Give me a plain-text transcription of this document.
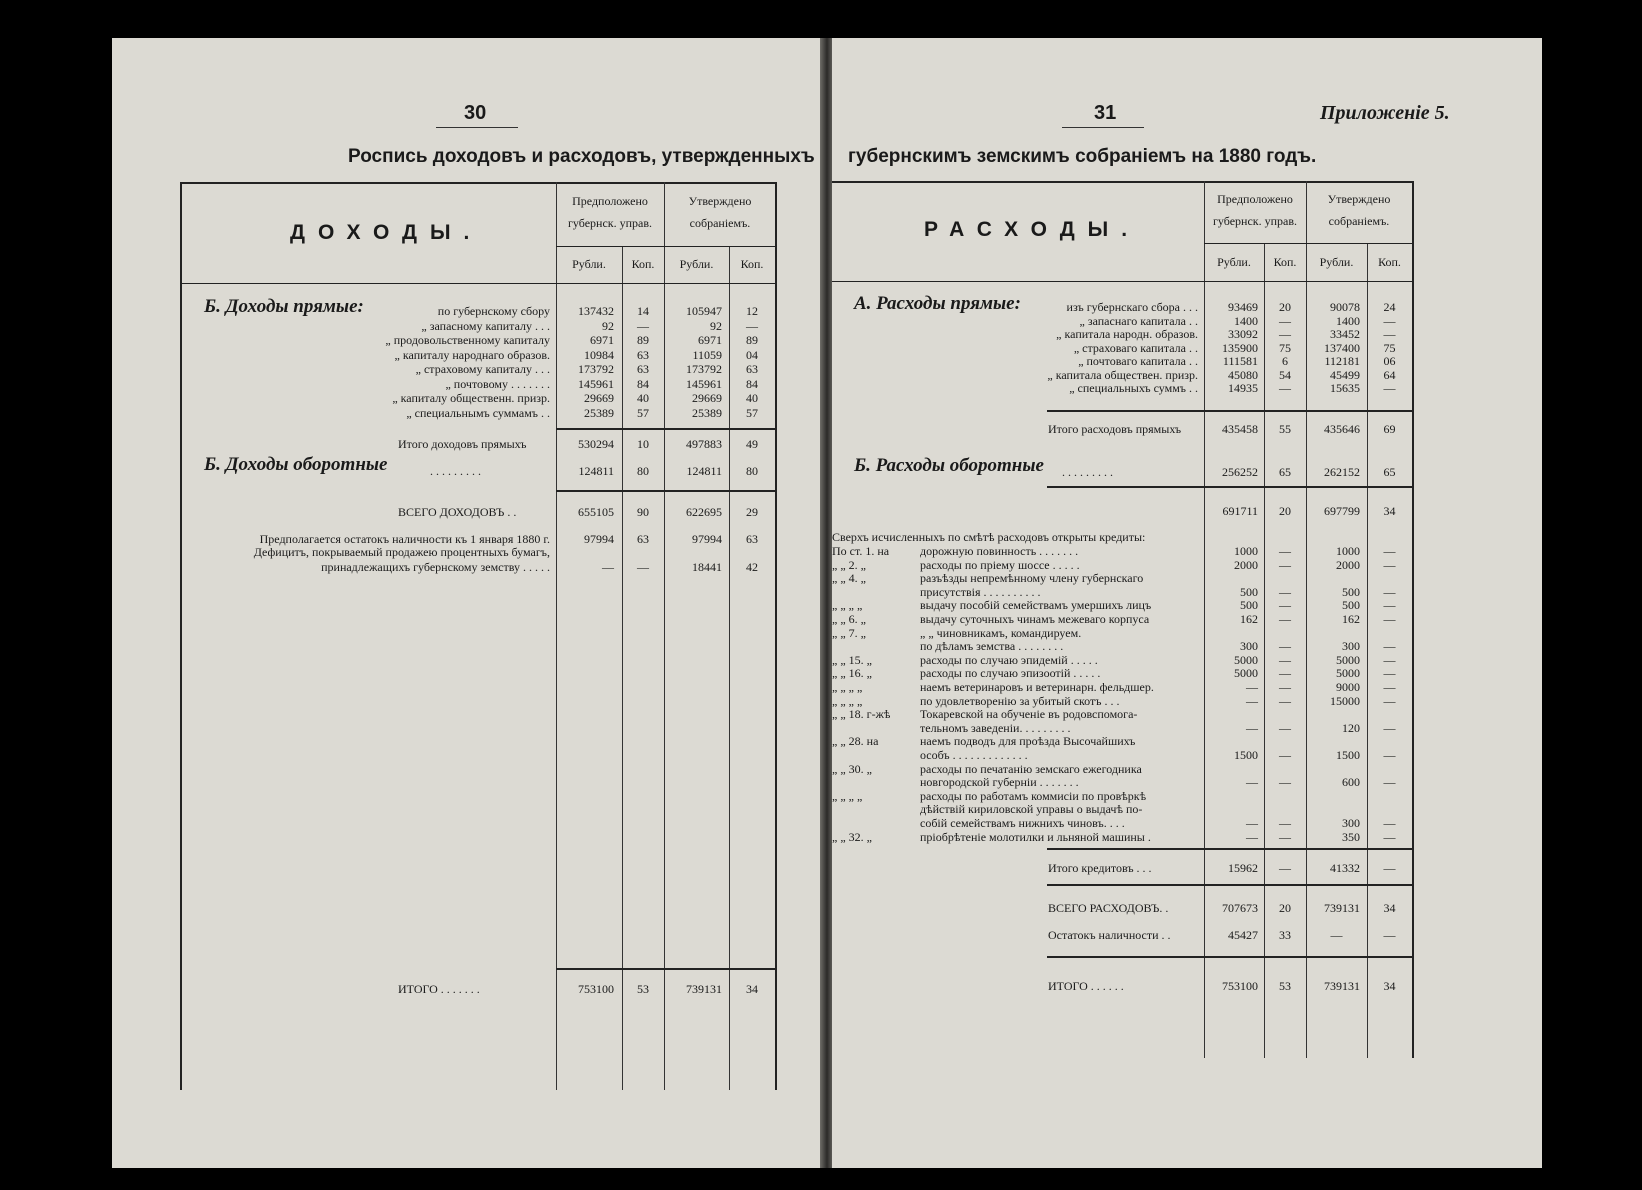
30
Роспись доходовъ и расходовъ, утвержденныхъ
ДОХОДЫ.
Предположено
губернск. управ.
Утверждено
собраніемъ.
Рубли.	Коп.	Рубли.	Коп.
Б. Доходы прямые:	по губернскому сбору	137432	14	105947	12
„ запасному капиталу . . .	92	—	92	—
„ продовольственному капиталу	6971	89	6971	89
„ капиталу народнаго образов.	10984	63	11059	04
„ страховому капиталу . . .	173792	63	173792	63
„ почтовому . . . . . . .	145961	84	145961	84
„ капиталу общественн. призр.	29669	40	29669	40
„ специальнымъ суммамъ . .	25389	57	25389	57
Итого доходовъ прямыхъ	530294	10	497883	49
Б. Доходы оборотные	. . . . . . . . .	124811	80	124811	80
ВСЕГО ДОХОДОВЪ . .	655105	90	622695	29
Предполагается остатокъ наличности къ 1 января 1880 г.	97994	63	97994	63
Дефицитъ, покрываемый продажею процентныхъ бумагъ,
принадлежащихъ губернскому земству . . . . .	—	—	18441	42
ИТОГО . . . . . . .	753100	53	739131	34
31	Приложеніе 5.
губернскимъ земскимъ собраніемъ на 1880 годъ.
РАСХОДЫ.
Предположено
губернск. управ.
Утверждено
собраніемъ.
Рубли.	Коп.	Рубли.	Коп.
А. Расходы прямые:	изъ губернскаго сбора . . .	93469	20	90078	24
„ запаснаго капитала . .	1400	—	1400	—
„ капитала народн. образов.	33092	—	33452	—
„ страховаго капитала . .	135900	75	137400	75
„ почтоваго капитала . .	111581	6	112181	06
„ капитала обществен. призр.	45080	54	45499	64
„ специальныхъ суммъ . .	14935	—	15635	—
Итого расходовъ прямыхъ	435458	55	435646	69
Б. Расходы оборотные . . . . . . . . .	256252	65	262152	65
691711	20	697799	34
Сверхъ исчисленныхъ по смѣтѣ расходовъ открыты кредиты:
По ст. 1. на	дорожную повинность . . . . . . .	1000	—	1000	—
„ „ 2. „	расходы по пріему шоссе . . . . .	2000	—	2000	—
„ „ 4. „	разъѣзды непремѣнному члену губернскаго
присутствія . . . . . . . . . .	500	—	500	—
„ „ „ „	выдачу пособій семействамъ умершихъ лицъ	500	—	500	—
„ „ 6. „	выдачу суточныхъ чинамъ межеваго корпуса	162	—	162	—
„ „ 7. „	„ „ чиновникамъ, командируем.
по дѣламъ земства . . . . . . . .	300	—	300	—
„ „ 15. „	расходы по случаю эпидемій . . . . .	5000	—	5000	—
„ „ 16. „	расходы по случаю эпизоотій . . . . .	5000	—	5000	—
„ „ „ „	наемъ ветеринаровъ и ветеринарн. фельдшер.	—	—	9000	—
„ „ „ „	по удовлетворенію за убитый скотъ . . .	—	—	15000	—
„ „ 18. г-жѣ Токаревской на обученіе въ родовспомога-
тельномъ заведеніи. . . . . . . . .	—	—	120	—
„ „ 28. на	наемъ подводъ для проѣзда Высочайшихъ
особъ . . . . . . . . . . . . .	1500	—	1500	—
„ „ 30. „	расходы по печатанію земскаго ежегодника
новгородской губерніи . . . . . . .	—	—	600	—
„ „ „ „	расходы по работамъ коммисіи по провѣркѣ
дѣйствій кириловской управы о выдачѣ по-
собій семействамъ нижнихъ чиновъ. . . .	—	—	300	—
„ „ 32. „	пріобрѣтеніе молотилки и льняной машины .	—	—	350	—
Итого кредитовъ . . .	15962	—	41332	—
ВСЕГО РАСХОДОВЪ. .	707673	20	739131	34
Остатокъ наличности . .	45427	33	—	—
ИТОГО . . . . . .	753100	53	739131	34
